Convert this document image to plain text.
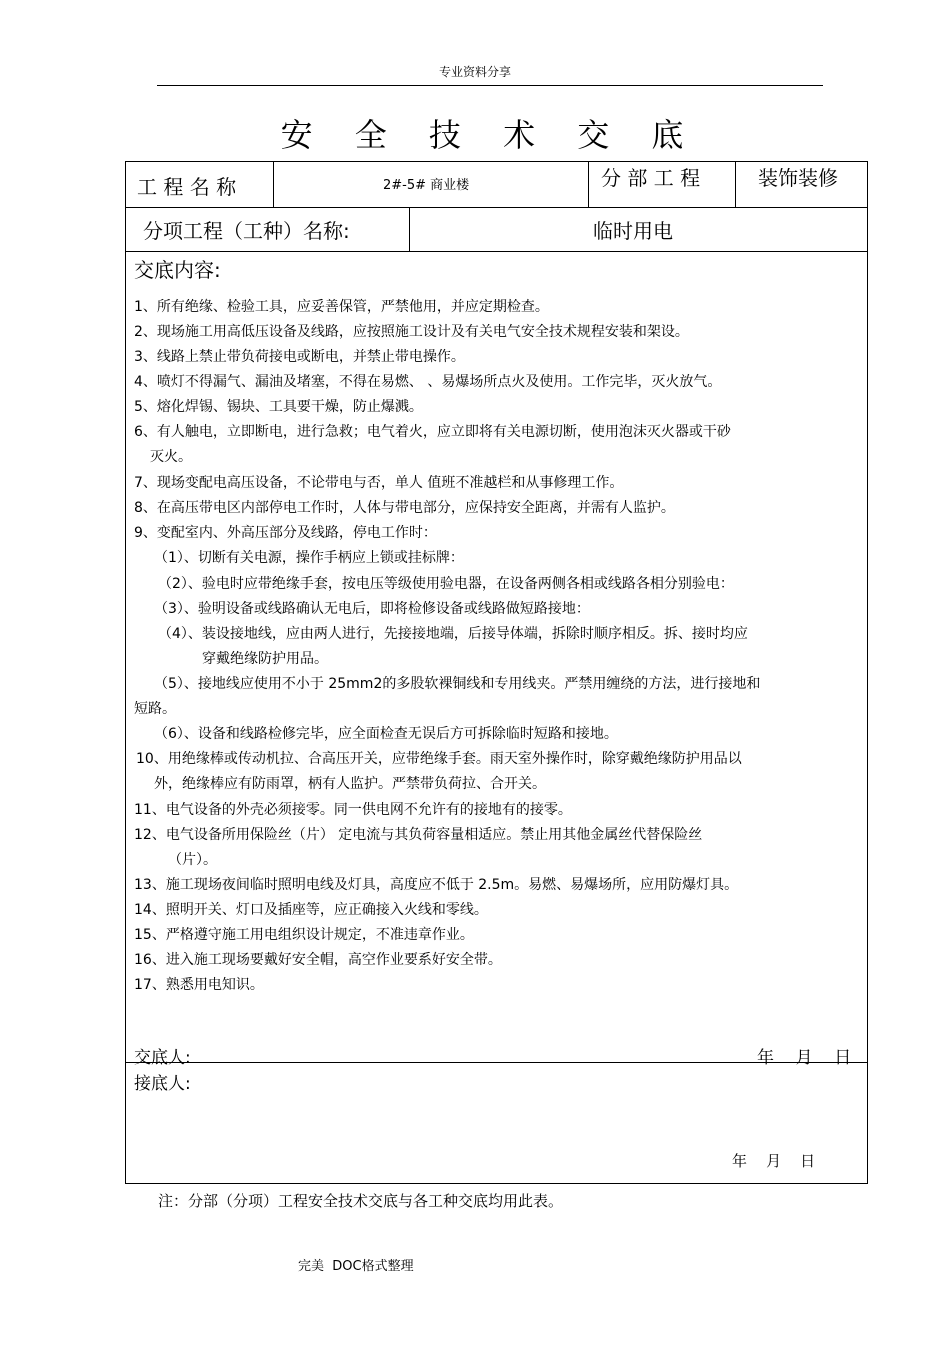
专业资料分享
安 全 技 术 交 底
工 程 名 称	2#-5# 商业楼	分 部 工 程	装饰装修
分项工程（工种）名称:	临时用电
交底内容:
1、所有绝缘、检验工具，应妥善保管，严禁他用，并应定期检查。
2、现场施工用高低压设备及线路，应按照施工设计及有关电气安全技术规程安装和架设。
3、线路上禁止带负荷接电或断电，并禁止带电操作。
4、喷灯不得漏气、漏油及堵塞，不得在易燃、 、易爆场所点火及使用。工作完毕，灭火放气。
5、熔化焊锡、锡块、工具要干燥，防止爆溅。
6、有人触电，立即断电，进行急救；电气着火，应立即将有关电源切断，使用泡沫灭火器或干砂
灭火。
7、现场变配电高压设备，不论带电与否，单人 值班不准越栏和从事修理工作。
8、在高压带电区内部停电工作时，人体与带电部分，应保持安全距离，并需有人监护。
9、变配室内、外高压部分及线路，停电工作时：
（1）、切断有关电源，操作手柄应上锁或挂标牌：
（2）、验电时应带绝缘手套，按电压等级使用验电器，在设备两侧各相或线路各相分别验电：
（3）、验明设备或线路确认无电后，即将检修设备或线路做短路接地：
（4）、装设接地线，应由两人进行，先接接地端，后接导体端，拆除时顺序相反。拆、接时均应
穿戴绝缘防护用品。
（5）、接地线应使用不小于 25mm2的多股软裸铜线和专用线夹。严禁用缠绕的方法，进行接地和
短路。
（6）、设备和线路检修完毕，应全面检查无误后方可拆除临时短路和接地。
10、用绝缘棒或传动机拉、合高压开关，应带绝缘手套。雨天室外操作时，除穿戴绝缘防护用品以
外，绝缘棒应有防雨罩，柄有人监护。严禁带负荷拉、合开关。
11、电气设备的外壳必须接零。同一供电网不允许有的接地有的接零。
12、电气设备所用保险丝（片） 定电流与其负荷容量相适应。禁止用其他金属丝代替保险丝
（片）。
13、施工现场夜间临时照明电线及灯具，高度应不低于 2.5m。易燃、易爆场所，应用防爆灯具。
14、照明开关、灯口及插座等，应正确接入火线和零线。
15、严格遵守施工用电组织设计规定，不准违章作业。
16、进入施工现场要戴好安全帽，高空作业要系好安全带。
17、熟悉用电知识。
交底人:	年    月    日
接底人:
年    月    日
注：分部（分项）工程安全技术交底与各工种交底均用此表。
完美  DOC格式整理
